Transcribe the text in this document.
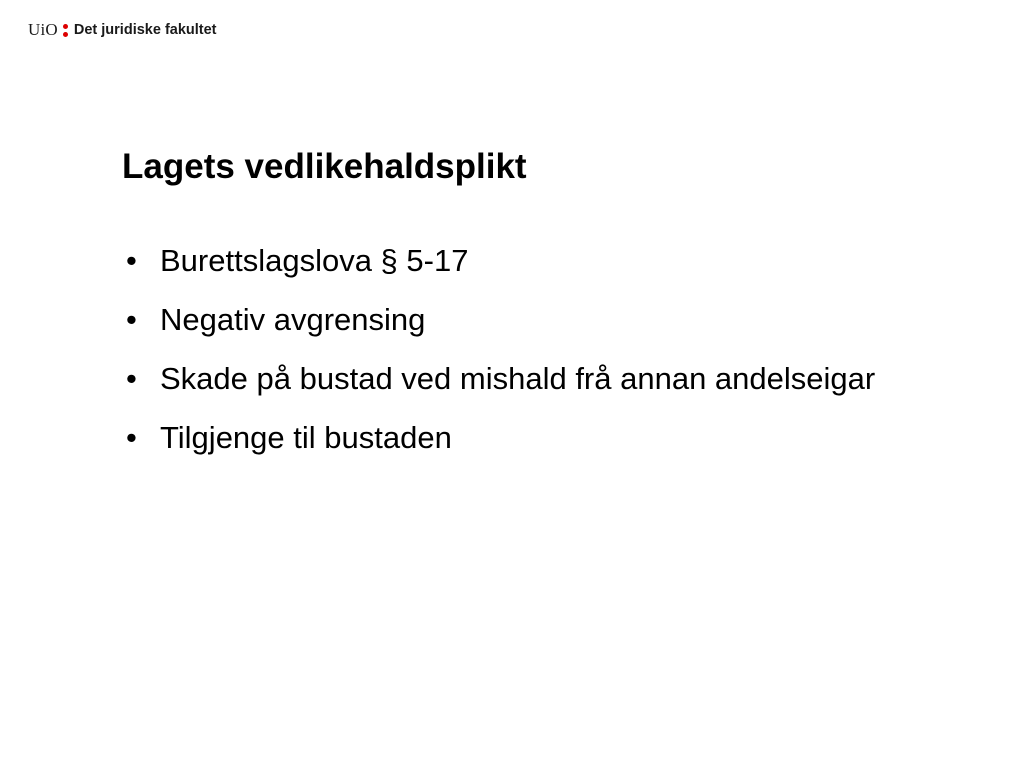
UiO Det juridiske fakultet
Lagets vedlikehaldsplikt
• Burettslagslova § 5-17
• Negativ avgrensing
• Skade på bustad ved mishald frå annan andelseigar
• Tilgjenge til bustaden
